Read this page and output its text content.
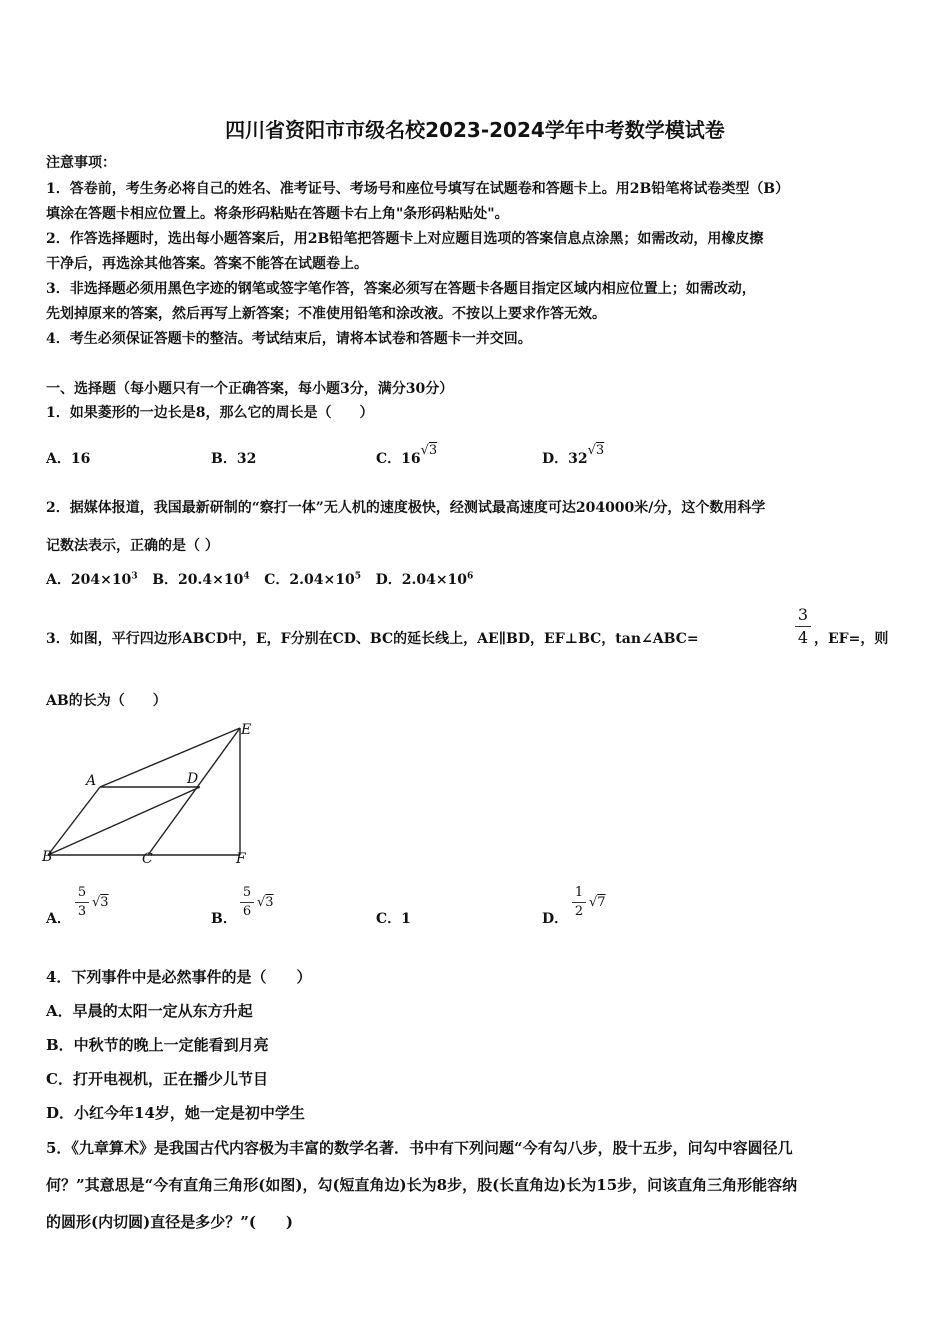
四川省资阳市市级名校2023-2024学年中考数学模试卷
注意事项：
1．答卷前，考生务必将自己的姓名、准考证号、考场号和座位号填写在试题卷和答题卡上。用2B铅笔将试卷类型（B）
填涂在答题卡相应位置上。将条形码粘贴在答题卡右上角"条形码粘贴处"。
2．作答选择题时，选出每小题答案后，用2B铅笔把答题卡上对应题目选项的答案信息点涂黑；如需改动，用橡皮擦
干净后，再选涂其他答案。答案不能答在试题卷上。
3．非选择题必须用黑色字迹的钢笔或签字笔作答，答案必须写在答题卡各题目指定区域内相应位置上；如需改动，
先划掉原来的答案，然后再写上新答案；不准使用铅笔和涂改液。不按以上要求作答无效。
4．考生必须保证答题卡的整洁。考试结束后，请将本试卷和答题卡一并交回。
一、选择题（每小题只有一个正确答案，每小题3分，满分30分）
1．如果菱形的一边长是8，那么它的周长是（　　）
A．16	B．32	C．16√3
D．32√3
2．据媒体报道，我国最新研制的“察打一体”无人机的速度极快，经测试最高速度可达204000米/分，这个数用科学
记数法表示，正确的是（ ）
A．$204\times 10^3$ B．$20.4\times 10^4$ C．$2.04\times 10^5$ D．$2.04\times 10^6$
3．如图，平行四边形ABCD中，E，F分别在CD、BC的延长线上，AE∥BD，EF⊥BC，tan∠ABC=
3
4 ，EF=，则
AB的长为（　　）
A	D
E
B	C	F
A．
5
3
√3
B．
5
6
√3
C．1	D．
1
2
√7
4．下列事件中是必然事件的是（　　）
A．早晨的太阳一定从东方升起
B．中秋节的晚上一定能看到月亮
C．打开电视机，正在播少儿节目
D．小红今年14岁，她一定是初中学生
5．《九章算术》是我国古代内容极为丰富的数学名著．书中有下列问题“今有勾八步，股十五步，问勾中容圆径几
何？”其意思是“今有直角三角形(如图)，勾(短直角边)长为8步，股(长直角边)长为15步，问该直角三角形能容纳
的圆形(内切圆)直径是多少？”(　　)
